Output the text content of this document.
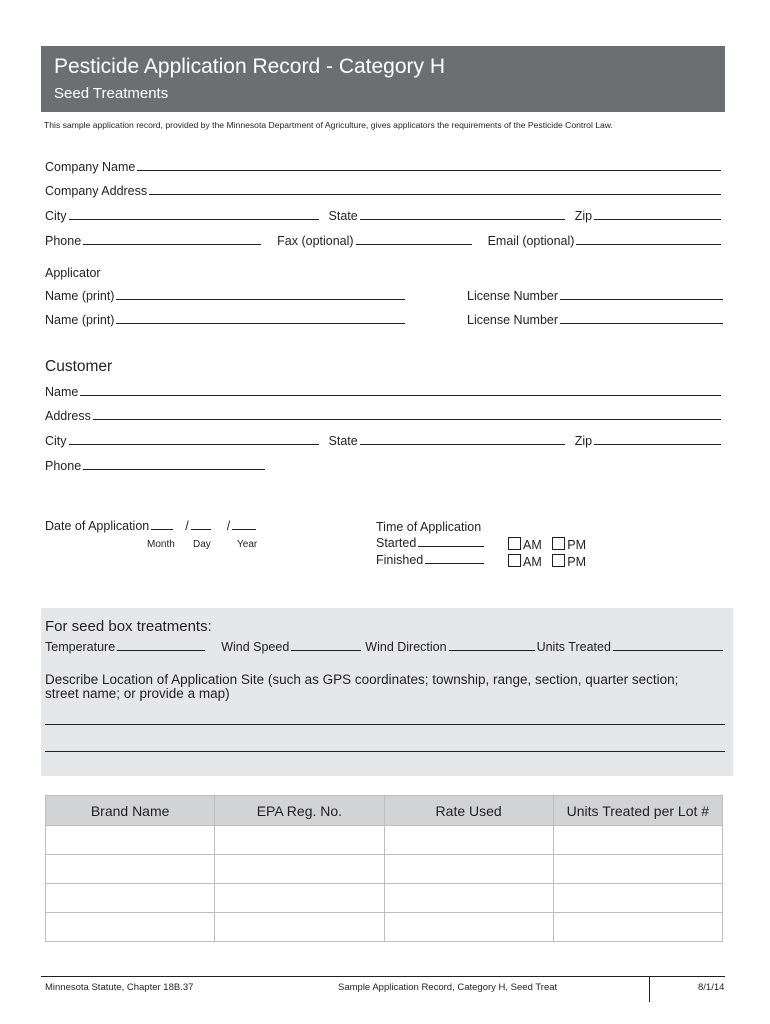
Pesticide Application Record - Category H
Seed Treatments
This sample application record, provided by the Minnesota Department of Agriculture, gives applicators the requirements of the Pesticide Control Law.
Company Name
Company Address
City	State	Zip
Phone	Fax (optional)	Email (optional)
Applicator
Name (print)	License Number
Name (print)	License Number
Customer
Name
Address
City	State	Zip
Phone
Date of Application	/	/
Month Day	Year
Time of Application
Started
Finished
AM PM
AM PM
For seed box treatments:
Temperature	Wind Speed	Wind Direction	Units Treated
Describe Location of Application Site (such as GPS coordinates; township, range, section, quarter section;
street name; or provide a map)
Brand Name	EPA Reg. No.	Rate Used	Units Treated per Lot #

Minnesota Statute, Chapter 18B.37	Sample Application Record, Category H, Seed Treat	8/1/14
